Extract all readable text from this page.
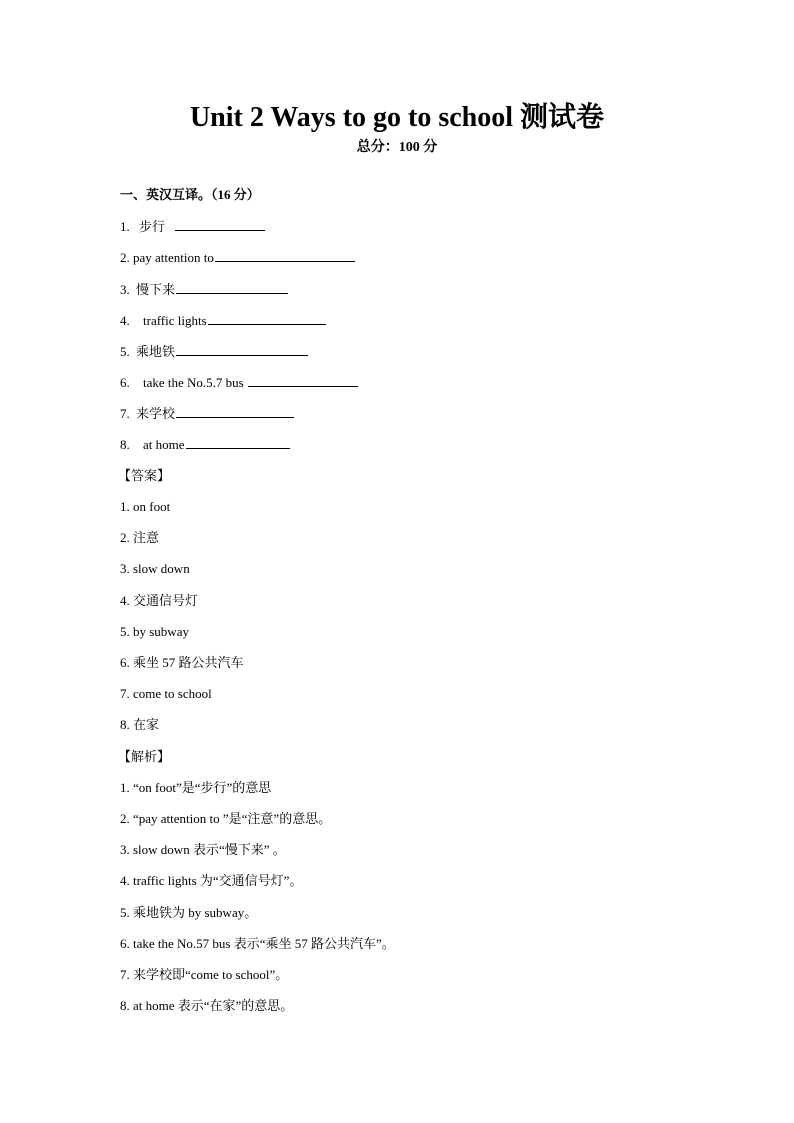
Unit 2 Ways to go to school 测试卷
总分：100 分
一、英汉互译。（16 分）
1. 步行
2. pay attention to
3. 慢下来
4. traffic lights
5. 乘地铁
6. take the No.5.7 bus
7. 来学校
8. at home
【答案】
1. on foot
2. 注意
3. slow down
4. 交通信号灯
5. by subway
6. 乘坐 57 路公共汽车
7. come to school
8. 在家
【解析】
1. “on foot”是“步行”的意思
2. “pay attention to ”是“注意”的意思。
3. slow down 表示“慢下来” 。
4. traffic lights 为“交通信号灯”。
5. 乘地铁为 by subway。
6. take the No.57 bus 表示“乘坐 57 路公共汽车”。
7. 来学校即“come to school”。
8. at home 表示“在家”的意思。
